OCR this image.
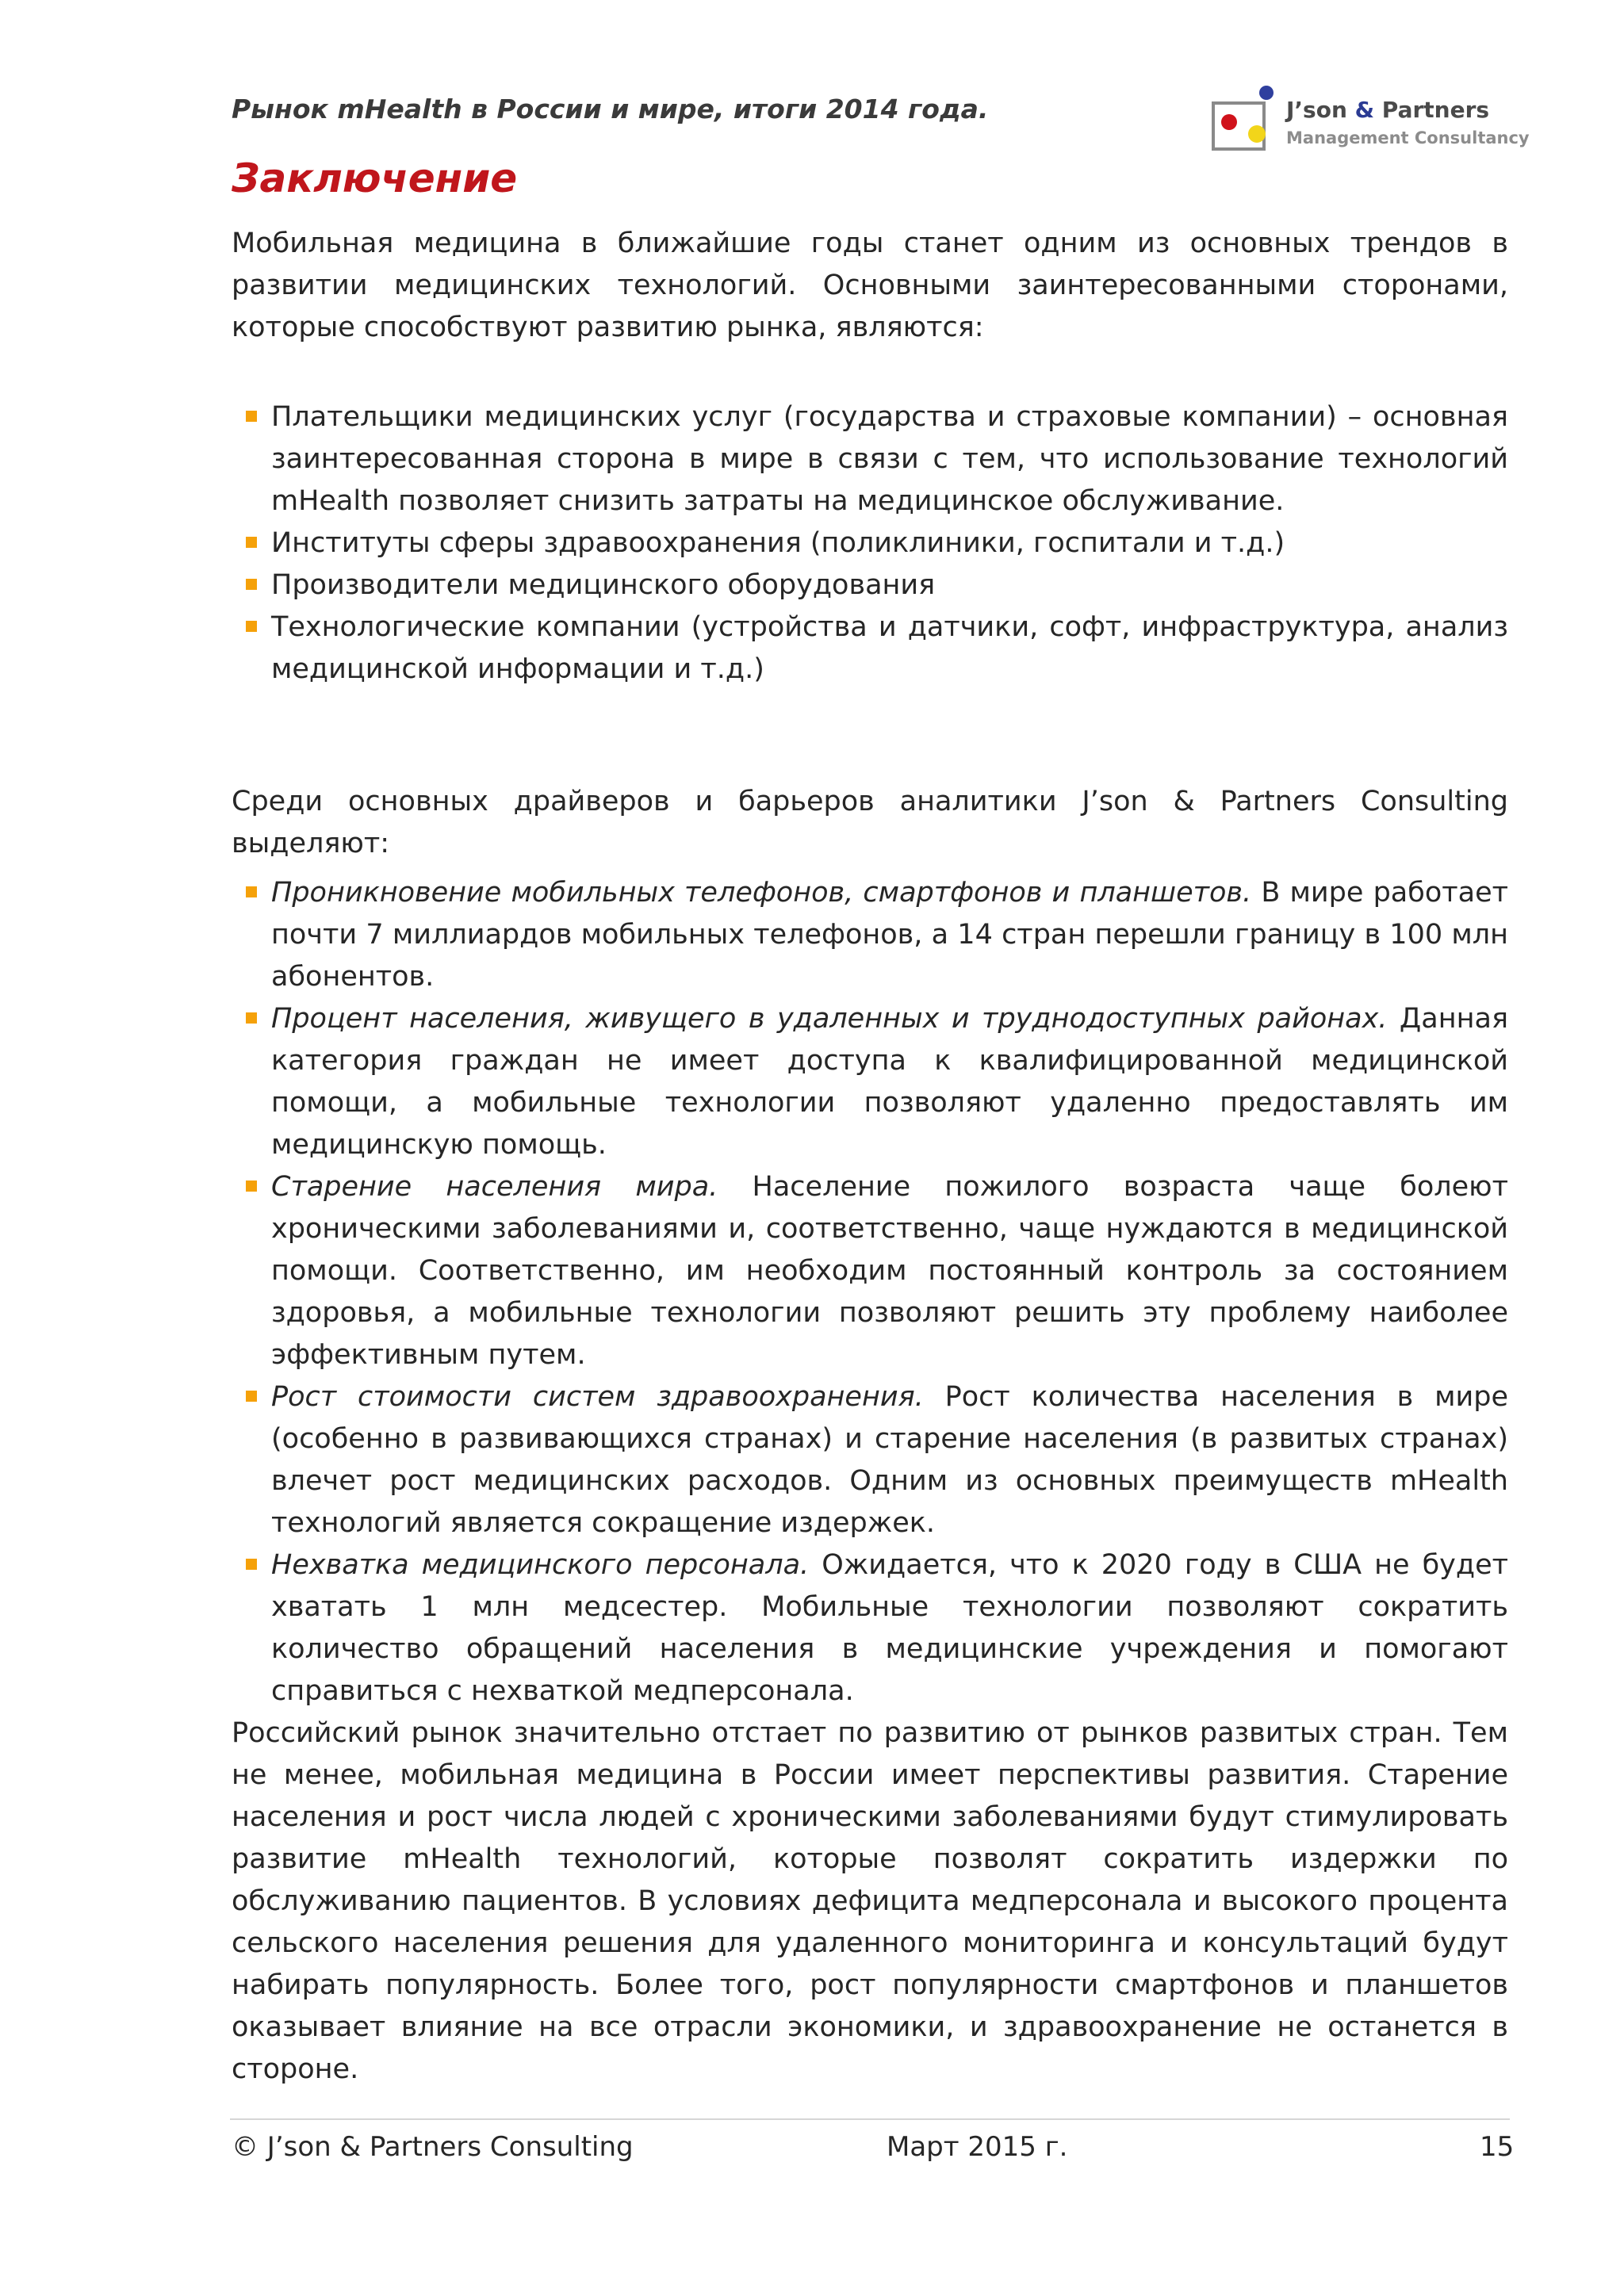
Рынок mHealth в России и мире, итоги 2014 года.	J’son & Partners
Management Consultancy
Заключение

Мобильная медицина в ближайшие годы станет одним из основных трендов в развитии медицинских технологий. Основными заинтересованными сторонами, которые способствуют развитию рынка, являются:

Плательщики медицинских услуг (государства и страховые компании) – основная заинтересованная сторона в мире в связи с тем, что использование технологий mHealth позволяет снизить затраты на медицинское обслуживание.
Институты сферы здравоохранения (поликлиники, госпитали и т.д.)
Производители медицинского оборудования
Технологические компании (устройства и датчики, софт, инфраструктура, анализ медицинской информации и т.д.)

Среди основных драйверов и барьеров аналитики J’son & Partners Consulting выделяют:

Проникновение мобильных телефонов, смартфонов и планшетов. В мире работает почти 7 миллиардов мобильных телефонов, а 14 стран перешли границу в 100 млн абонентов.
Процент населения, живущего в удаленных и труднодоступных районах. Данная категория граждан не имеет доступа к квалифицированной медицинской помощи, а мобильные технологии позволяют удаленно предоставлять им медицинскую помощь.
Старение населения мира. Население пожилого возраста чаще болеют хроническими заболеваниями и, соответственно, чаще нуждаются в медицинской помощи. Соответственно, им необходим постоянный контроль за состоянием здоровья, а мобильные технологии позволяют решить эту проблему наиболее эффективным путем.
Рост стоимости систем здравоохранения. Рост количества населения в мире (особенно в развивающихся странах) и старение населения (в развитых странах) влечет рост медицинских расходов. Одним из основных преимуществ mHealth технологий является сокращение издержек.
Нехватка медицинского персонала. Ожидается, что к 2020 году в США не будет хватать 1 млн медсестер. Мобильные технологии позволяют сократить количество обращений населения в медицинские учреждения и помогают справиться с нехваткой медперсонала.

Российский рынок значительно отстает по развитию от рынков развитых стран. Тем не менее, мобильная медицина в России имеет перспективы развития. Старение населения и рост числа людей с хроническими заболеваниями будут стимулировать развитие mHealth технологий, которые позволят сократить издержки по обслуживанию пациентов. В условиях дефицита медперсонала и высокого процента сельского населения решения для удаленного мониторинга и консультаций будут набирать популярность. Более того, рост популярности смартфонов и планшетов оказывает влияние на все отрасли экономики, и здравоохранение не останется в стороне.

© J’son & Partners Consulting	Март 2015 г.	15
